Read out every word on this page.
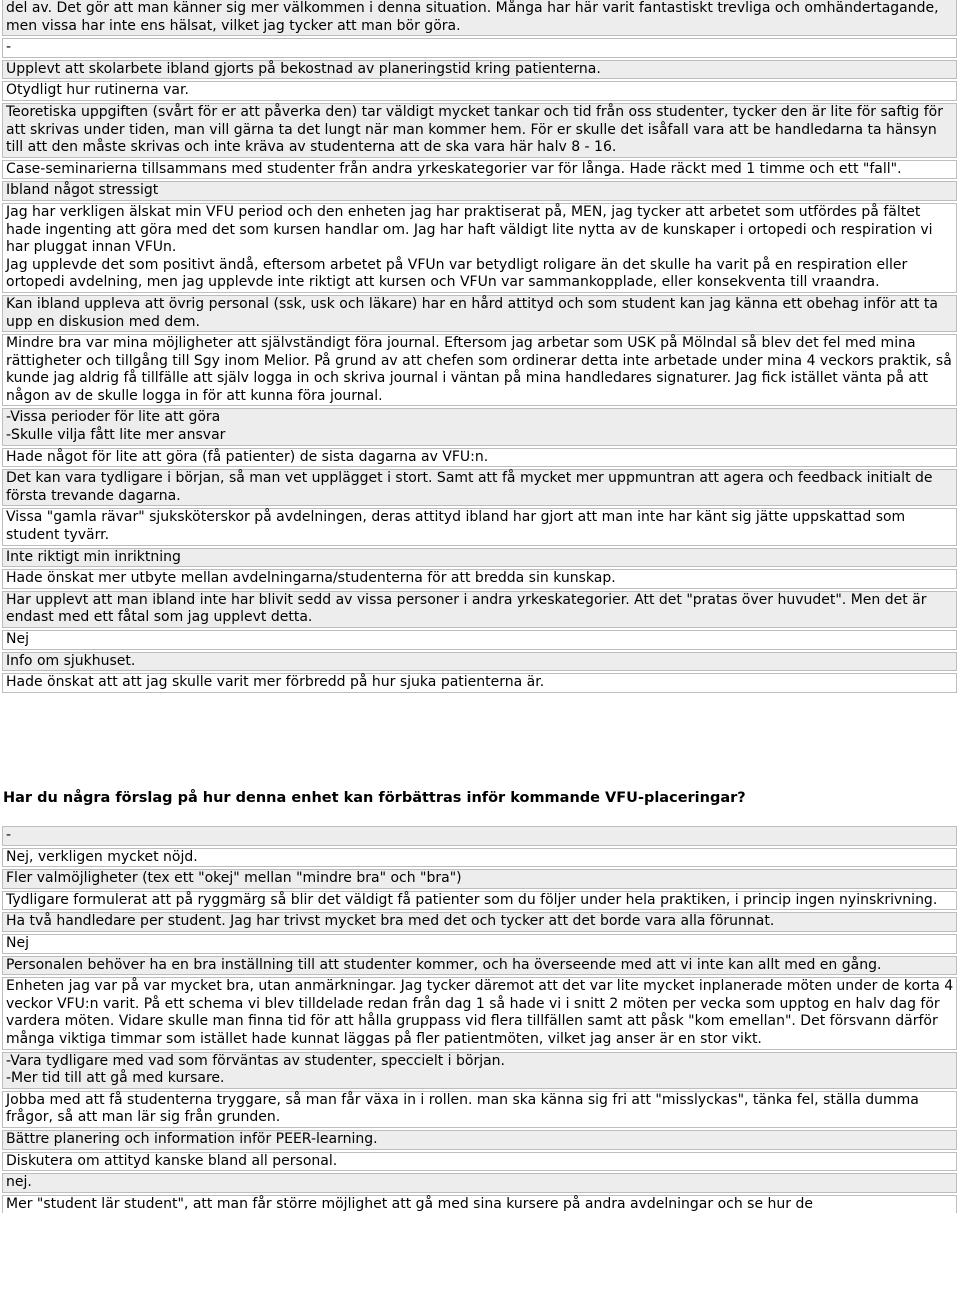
del av. Det gör att man känner sig mer välkommen i denna situation. Många har här varit fantastiskt trevliga och omhändertagande, men vissa har inte ens hälsat, vilket jag tycker att man bör göra.
-
Upplevt att skolarbete ibland gjorts på bekostnad av planeringstid kring patienterna.
Otydligt hur rutinerna var.
Teoretiska uppgiften (svårt för er att påverka den) tar väldigt mycket tankar och tid från oss studenter, tycker den är lite för saftig för att skrivas under tiden, man vill gärna ta det lungt när man kommer hem. För er skulle det isåfall vara att be handledarna ta hänsyn till att den måste skrivas och inte kräva av studenterna att de ska vara här halv 8 - 16.
Case-seminarierna tillsammans med studenter från andra yrkeskategorier var för långa. Hade räckt med 1 timme och ett "fall".
Ibland något stressigt
Jag har verkligen älskat min VFU period och den enheten jag har praktiserat på, MEN, jag tycker att arbetet som utfördes på fältet hade ingenting att göra med det som kursen handlar om. Jag har haft väldigt lite nytta av de kunskaper i ortopedi och respiration vi har pluggat innan VFUn.
Jag upplevde det som positivt ändå, eftersom arbetet på VFUn var betydligt roligare än det skulle ha varit på en respiration eller ortopedi avdelning, men jag upplevde inte riktigt att kursen och VFUn var sammankopplade, eller konsekventa till vraandra.
Kan ibland uppleva att övrig personal (ssk, usk och läkare) har en hård attityd och som student kan jag känna ett obehag inför att ta upp en diskusion med dem.
Mindre bra var mina möjligheter att självständigt föra journal. Eftersom jag arbetar som USK på Mölndal så blev det fel med mina rättigheter och tillgång till Sgy inom Melior. På grund av att chefen som ordinerar detta inte arbetade under mina 4 veckors praktik, så kunde jag aldrig få tillfälle att själv logga in och skriva journal i väntan på mina handledares signaturer. Jag fick istället vänta på att någon av de skulle logga in för att kunna föra journal.
-Vissa perioder för lite att göra
-Skulle vilja fått lite mer ansvar
Hade något för lite att göra (få patienter) de sista dagarna av VFU:n.
Det kan vara tydligare i början, så man vet upplägget i stort. Samt att få mycket mer uppmuntran att agera och feedback initialt de första trevande dagarna.
Vissa "gamla rävar" sjuksköterskor på avdelningen, deras attityd ibland har gjort att man inte har känt sig jätte uppskattad som student tyvärr.
Inte riktigt min inriktning
Hade önskat mer utbyte mellan avdelningarna/studenterna för att bredda sin kunskap.
Har upplevt att man ibland inte har blivit sedd av vissa personer i andra yrkeskategorier. Att det "pratas över huvudet". Men det är endast med ett fåtal som jag upplevt detta.
Nej
Info om sjukhuset.
Hade önskat att att jag skulle varit mer förbredd på hur sjuka patienterna är.
Har du några förslag på hur denna enhet kan förbättras inför kommande VFU-placeringar?
-
Nej, verkligen mycket nöjd.
Fler valmöjligheter (tex ett "okej" mellan "mindre bra" och "bra")
Tydligare formulerat att på ryggmärg så blir det väldigt få patienter som du följer under hela praktiken, i princip ingen nyinskrivning.
Ha två handledare per student. Jag har trivst mycket bra med det och tycker att det borde vara alla förunnat.
Nej
Personalen behöver ha en bra inställning till att studenter kommer, och ha överseende med att vi inte kan allt med en gång.
Enheten jag var på var mycket bra, utan anmärkningar. Jag tycker däremot att det var lite mycket inplanerade möten under de korta 4 veckor VFU:n varit. På ett schema vi blev tilldelade redan från dag 1 så hade vi i snitt 2 möten per vecka som upptog en halv dag för vardera möten. Vidare skulle man finna tid för att hålla gruppass vid flera tillfällen samt att påsk "kom emellan". Det försvann därför många viktiga timmar som istället hade kunnat läggas på fler patientmöten, vilket jag anser är en stor vikt.
-Vara tydligare med vad som förväntas av studenter, speccielt i början.
-Mer tid till att gå med kursare.
Jobba med att få studenterna tryggare, så man får växa in i rollen. man ska känna sig fri att "misslyckas", tänka fel, ställa dumma frågor, så att man lär sig från grunden.
Bättre planering och information inför PEER-learning.
Diskutera om attityd kanske bland all personal.
nej.
Mer "student lär student", att man får större möjlighet att gå med sina kursere på andra avdelningar och se hur de
